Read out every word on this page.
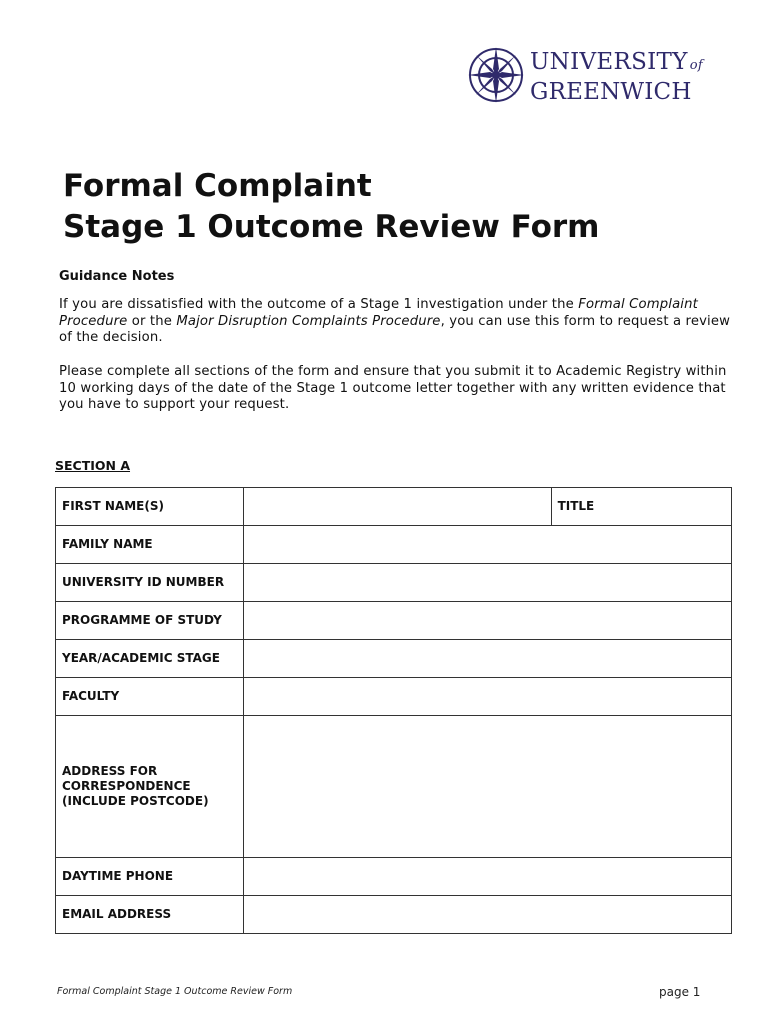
UNIVERSITY of
GREENWICH
Formal Complaint
Stage 1 Outcome Review Form
Guidance Notes

If you are dissatisfied with the outcome of a Stage 1 investigation under the Formal Complaint Procedure or the Major Disruption Complaints Procedure, you can use this form to request a review of the decision.

Please complete all sections of the form and ensure that you submit it to Academic Registry within 10 working days of the date of the Stage 1 outcome letter together with any written evidence that you have to support your request.

SECTION A
FIRST NAME(S)		TITLE
FAMILY NAME		
UNIVERSITY ID NUMBER		
PROGRAMME OF STUDY		
YEAR/ACADEMIC STAGE		
FACULTY		
ADDRESS FOR
CORRESPONDENCE
(INCLUDE POSTCODE)		
DAYTIME PHONE		
EMAIL ADDRESS		
Formal Complaint Stage 1 Outcome Review Form	page 1
